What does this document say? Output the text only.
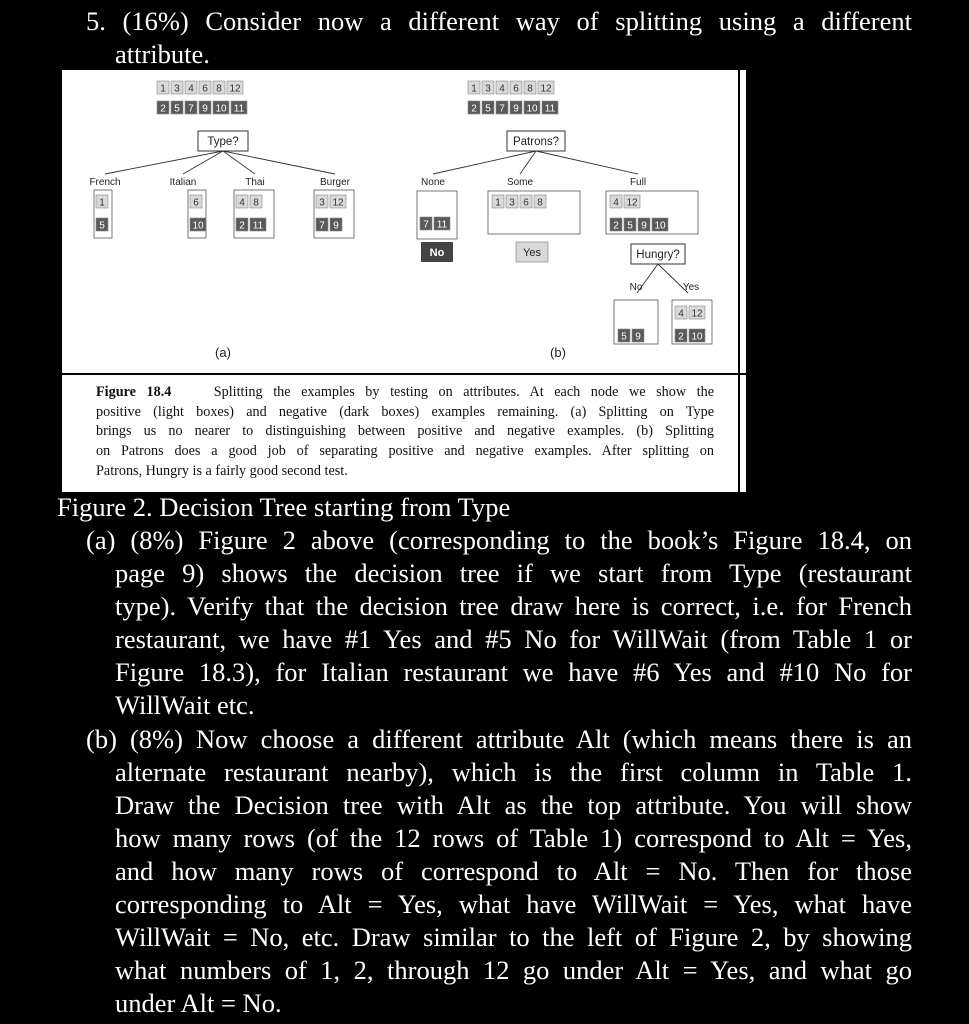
5. (16%) Consider now a different way of splitting using a different
attribute.
1 3 4 6 8 12
2 5 7 9 10 11
Type?
French
1
5
Italian
6
10
Thai
4 8
2 11
Burger
3 12
7 9
(a)
1 3 4 6 8 12
2 5 7 9 10 11
Patrons?
None
7 11
No
Some
1 3 6 8
Yes
Full
4 12
2 5 9 10
Hungry?
No	Yes
5 9
4 12
2 10
(b)
Figure 18.4	Splitting the examples by testing on attributes. At each node we show the
positive (light boxes) and negative (dark boxes) examples remaining. (a) Splitting on Type
brings us no nearer to distinguishing between positive and negative examples. (b) Splitting
on Patrons does a good job of separating positive and negative examples. After splitting on
Patrons, Hungry is a fairly good second test.
Figure 2. Decision Tree starting from Type
(a) (8%) Figure 2 above (corresponding to the book’s Figure 18.4, on
page 9) shows the decision tree if we start from Type (restaurant
type). Verify that the decision tree draw here is correct, i.e. for French
restaurant, we have #1 Yes and #5 No for WillWait (from Table 1 or
Figure 18.3), for Italian restaurant we have #6 Yes and #10 No for
WillWait etc.
(b) (8%) Now choose a different attribute Alt (which means there is an
alternate restaurant nearby), which is the first column in Table 1.
Draw the Decision tree with Alt as the top attribute. You will show
how many rows (of the 12 rows of Table 1) correspond to Alt = Yes,
and how many rows of correspond to Alt = No. Then for those
corresponding to Alt = Yes, what have WillWait = Yes, what have
WillWait = No, etc. Draw similar to the left of Figure 2, by showing
what numbers of 1, 2, through 12 go under Alt = Yes, and what go
under Alt = No.
